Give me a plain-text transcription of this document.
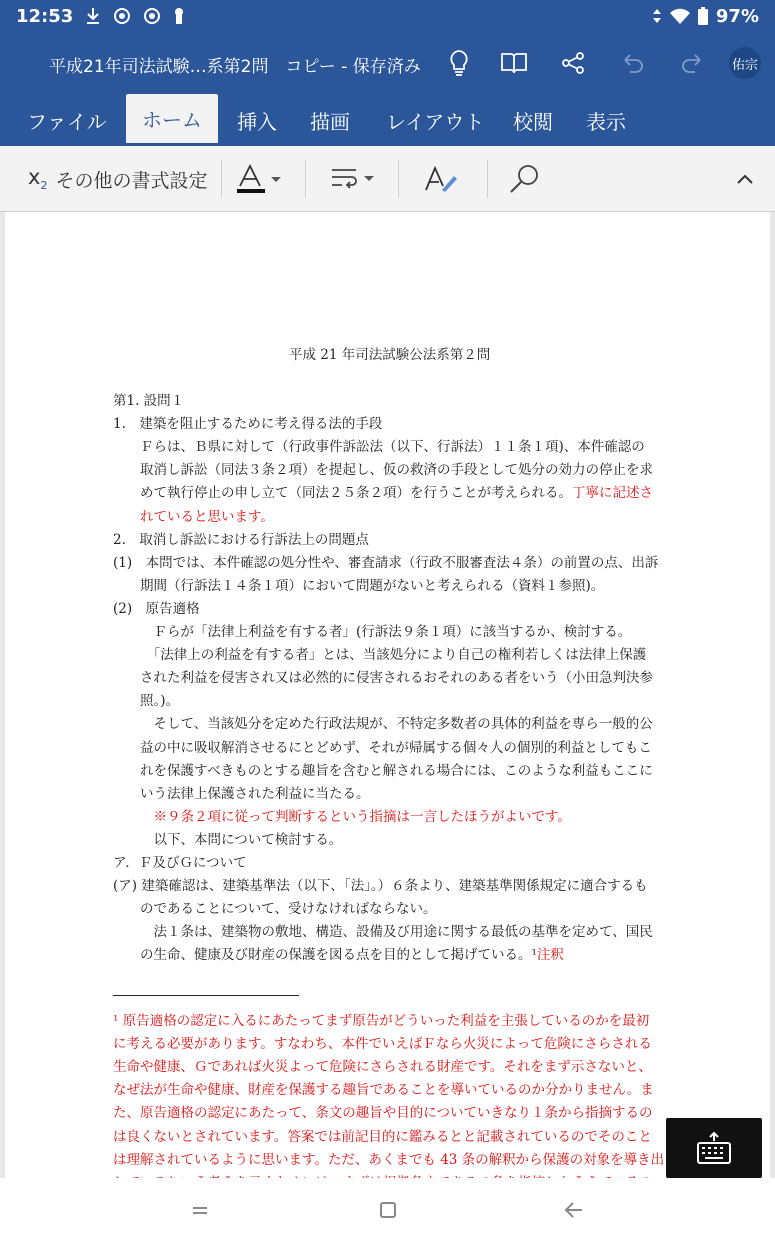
12:53	97%
平成21年司法試験…系第2問　コピー - 保存済み	佑宗
ファイル	ホーム	挿入	描画	レイアウト	校閲	表示
$x_2$ その他の書式設定
平成 21 年司法試験公法系第２問
第1. 設問１
1.　建築を阻止するために考え得る法的手段
　　Ｆらは、Ｂ県に対して（行政事件訴訟法（以下、行訴法）１１条１項)、本件確認の
　　取消し訴訟（同法３条２項）を提起し、仮の救済の手段として処分の効力の停止を求
　　めて執行停止の申し立て（同法２５条２項）を行うことが考えられる。丁寧に記述さ
　　れていると思います。
2.　取消し訴訟における行訴法上の問題点
(1)　本問では、本件確認の処分性や、審査請求（行政不服審査法４条）の前置の点、出訴
　　期間（行訴法１４条１項）において問題がないと考えられる（資料１参照)。
(2)　原告適格
　　　Ｆらが「法律上利益を有する者」(行訴法９条１項）に該当するか、検討する。
　　　「法律上の利益を有する者」とは、当該処分により自己の権利若しくは法律上保護
　　された利益を侵害され又は必然的に侵害されるおそれのある者をいう（小田急判決参
　　照。)。
　　　そして、当該処分を定めた行政法規が、不特定多数者の具体的利益を専ら一般的公
　　益の中に吸収解消させるにとどめず、それが帰属する個々人の個別的利益としてもこ
　　れを保護すべきものとする趣旨を含むと解される場合には、このような利益もここに
　　いう法律上保護された利益に当たる。
　　　※９条２項に従って判断するという指摘は一言したほうがよいです。
　　　以下、本問について検討する。
ア．Ｆ及びＧについて
(ア) 建築確認は、建築基準法（以下、｢法｣。）６条より、建築基準関係規定に適合するも
　　のであることについて、受けなければならない。
　　　法１条は、建築物の敷地、構造、設備及び用途に関する最低の基準を定めて、国民
　　の生命、健康及び財産の保護を図る点を目的として掲げている。¹注釈
¹ 原告適格の認定に入るにあたってまず原告がどういった利益を主張しているのかを最初
に考える必要があります。すなわち、本件でいえばＦなら火災によって危険にさらされる
生命や健康、Ｇであれば火災よって危険にさらされる財産です。それをまず示さないと、
なぜ法が生命や健康、財産を保護する趣旨であることを導いているのか分かりません。ま
た、原告適格の認定にあたって、条文の趣旨や目的についていきなり１条から指摘するの
は良くないとされています。答案では前記目的に鑑みるとと記載されているのでそのこと
は理解されているように思います。ただ、あくまでも 43 条の解釈から保護の対象を導き出
